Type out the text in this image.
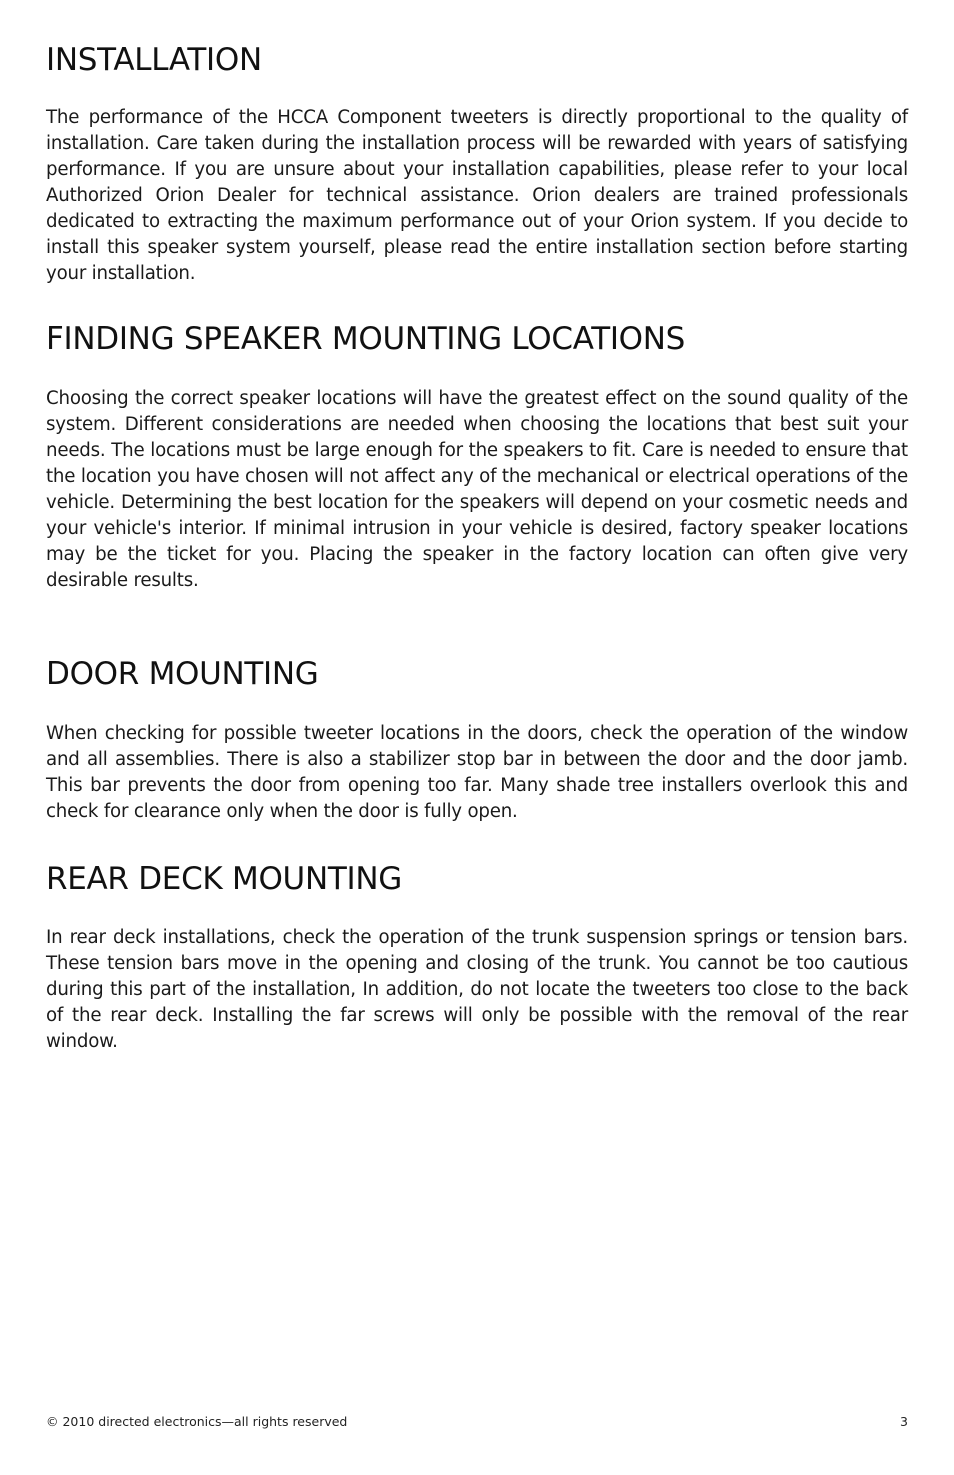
INSTALLATION

The performance of the HCCA Component tweeters is directly proportional to the quality of installation. Care taken during the installation process will be rewarded with years of satisfying performance. If you are unsure about your installation capabilities, please refer to your local Authorized Orion Dealer for technical assistance. Orion dealers are trained professionals dedicated to extracting the maximum performance out of your Orion system. If you decide to install this speaker system yourself, please read the entire installation section before starting your installation.

FINDING SPEAKER MOUNTING LOCATIONS

Choosing the correct speaker locations will have the greatest effect on the sound quality of the system. Different considerations are needed when choosing the locations that best suit your needs. The locations must be large enough for the speakers to fit. Care is needed to ensure that the location you have chosen will not affect any of the mechanical or electrical operations of the vehicle. Determining the best location for the speakers will depend on your cosmetic needs and your vehicle's interior. If minimal intrusion in your vehicle is desired, factory speaker locations may be the ticket for you. Placing the speaker in the factory location can often give very desirable results.

DOOR MOUNTING

When checking for possible tweeter locations in the doors, check the operation of the window and all assemblies. There is also a stabilizer stop bar in between the door and the door jamb. This bar prevents the door from opening too far. Many shade tree installers overlook this and check for clearance only when the door is fully open.

REAR DECK MOUNTING

In rear deck installations, check the operation of the trunk suspension springs or tension bars. These tension bars move in the opening and closing of the trunk. You cannot be too cautious during this part of the installation, In addition, do not locate the tweeters too close to the back of the rear deck. Installing the far screws will only be possible with the removal of the rear window.

© 2010 directed electronics—all rights reserved	3
